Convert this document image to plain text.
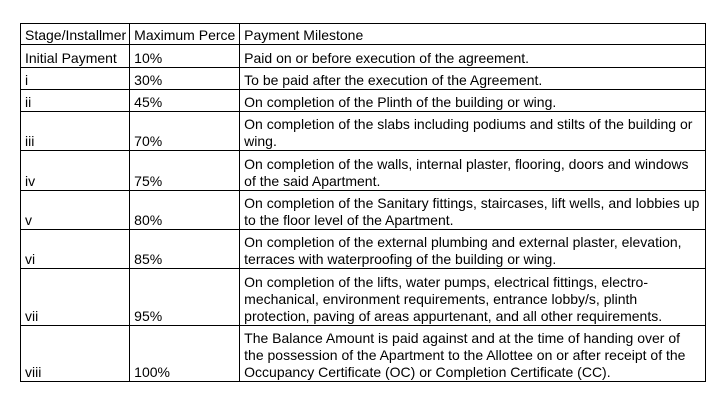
Stage/Installmer	Maximum Perce	Payment Milestone
Initial Payment	10%	Paid on or before execution of the agreement.
i	30%	To be paid after the execution of the Agreement.
ii	45%	On completion of the Plinth of the building or wing.
iii	70%	On completion of the slabs including podiums and stilts of the building or wing.
iv	75%	On completion of the walls, internal plaster, flooring, doors and windows of the said Apartment.
v	80%	On completion of the Sanitary fittings, staircases, lift wells, and lobbies up to the floor level of the Apartment.
vi	85%	On completion of the external plumbing and external plaster, elevation, terraces with waterproofing of the building or wing.
vii	95%	On completion of the lifts, water pumps, electrical fittings, electro-mechanical, environment requirements, entrance lobby/s, plinth protection, paving of areas appurtenant, and all other requirements.
viii	100%	The Balance Amount is paid against and at the time of handing over of the possession of the Apartment to the Allottee on or after receipt of the Occupancy Certificate (OC) or Completion Certificate (CC).
